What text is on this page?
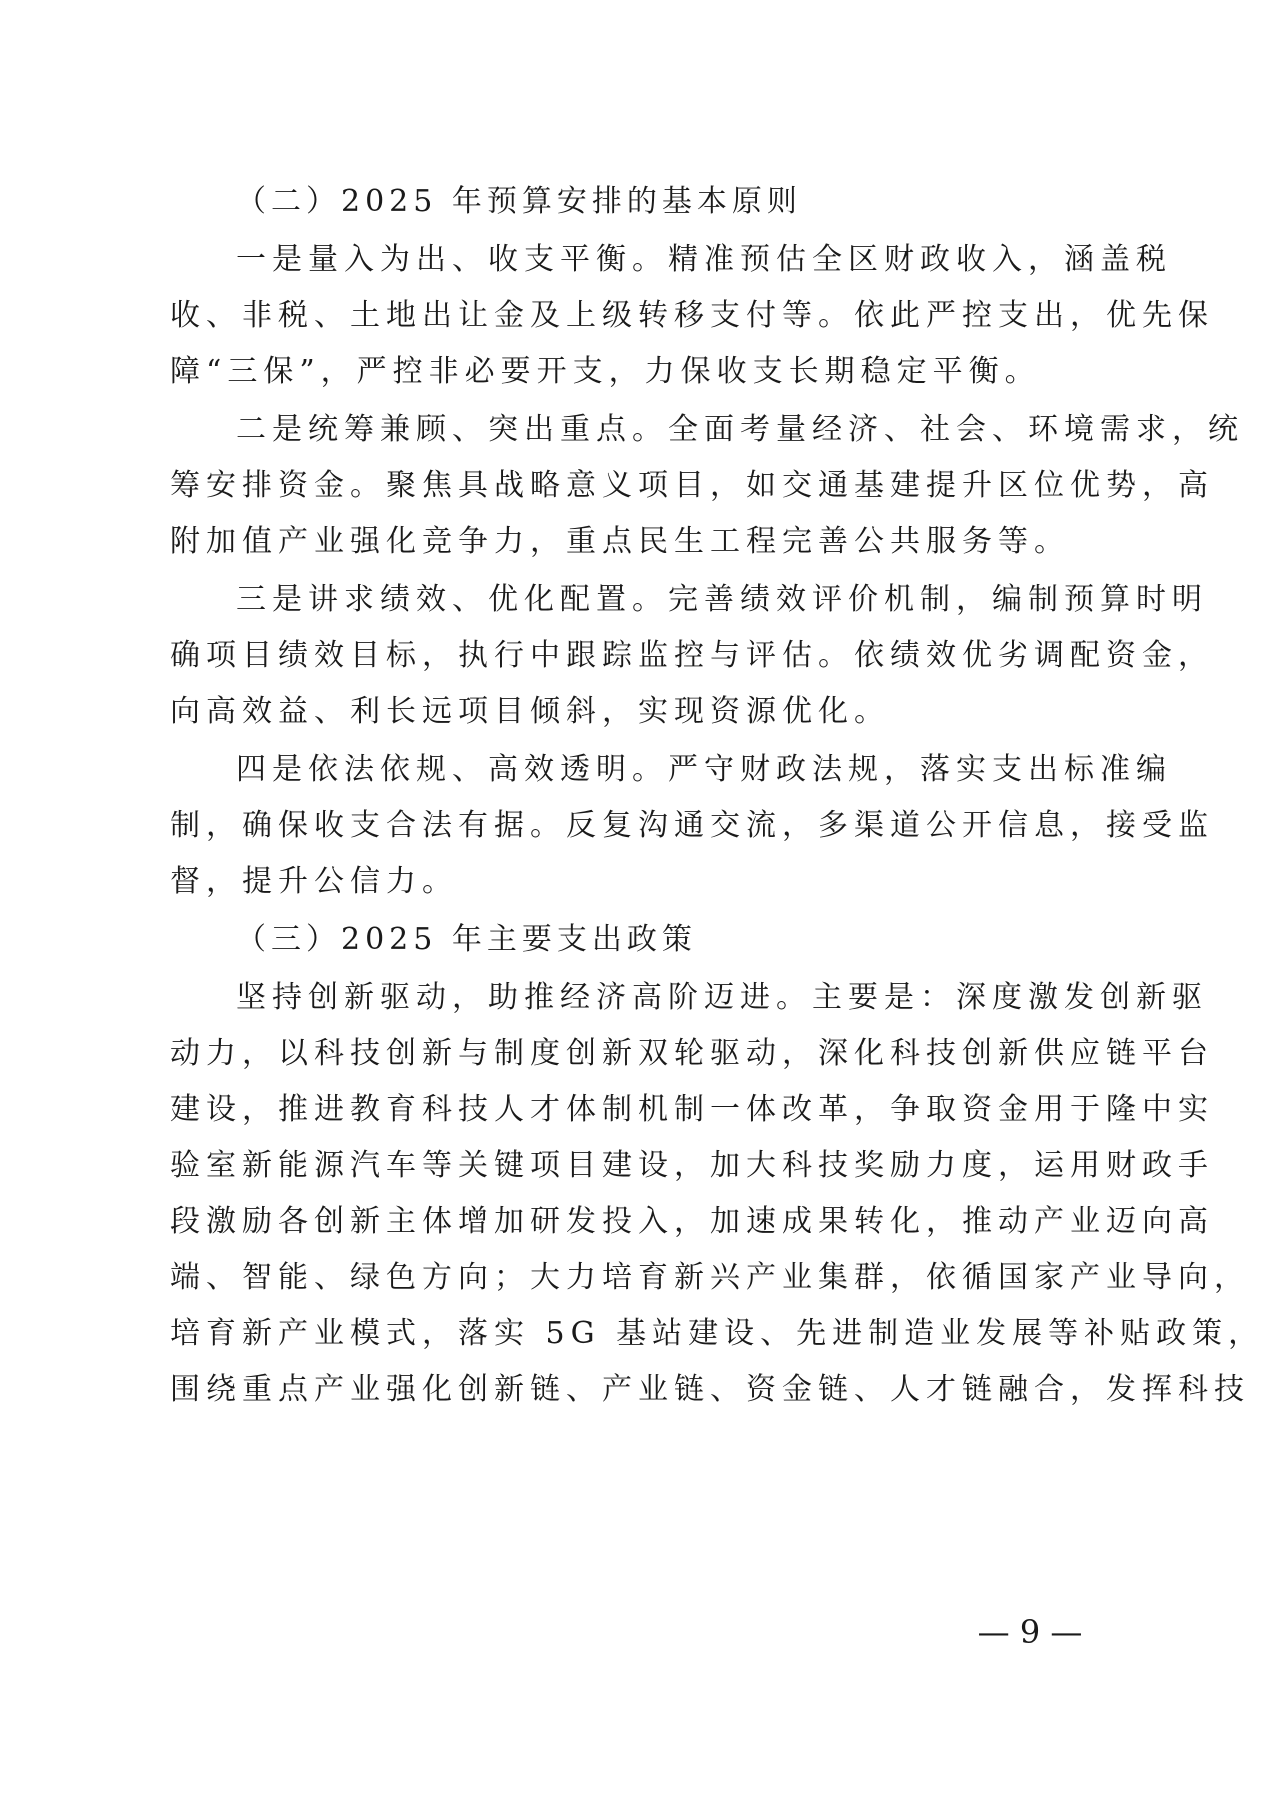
（二）2025 年预算安排的基本原则
一是量入为出、收支平衡。精准预估全区财政收入，涵盖税
收、非税、土地出让金及上级转移支付等。依此严控支出，优先保
障“三保”，严控非必要开支，力保收支长期稳定平衡。
二是统筹兼顾、突出重点。全面考量经济、社会、环境需求，统
筹安排资金。聚焦具战略意义项目，如交通基建提升区位优势，高
附加值产业强化竞争力，重点民生工程完善公共服务等。
三是讲求绩效、优化配置。完善绩效评价机制，编制预算时明
确项目绩效目标，执行中跟踪监控与评估。依绩效优劣调配资金，
向高效益、利长远项目倾斜，实现资源优化。
四是依法依规、高效透明。严守财政法规，落实支出标准编
制，确保收支合法有据。反复沟通交流，多渠道公开信息，接受监
督，提升公信力。
（三）2025 年主要支出政策
坚持创新驱动，助推经济高阶迈进。主要是：深度激发创新驱
动力，以科技创新与制度创新双轮驱动，深化科技创新供应链平台
建设，推进教育科技人才体制机制一体改革，争取资金用于隆中实
验室新能源汽车等关键项目建设，加大科技奖励力度，运用财政手
段激励各创新主体增加研发投入，加速成果转化，推动产业迈向高
端、智能、绿色方向；大力培育新兴产业集群，依循国家产业导向，
培育新产业模式，落实 5G 基站建设、先进制造业发展等补贴政策，
围绕重点产业强化创新链、产业链、资金链、人才链融合，发挥科技
— 9 —
